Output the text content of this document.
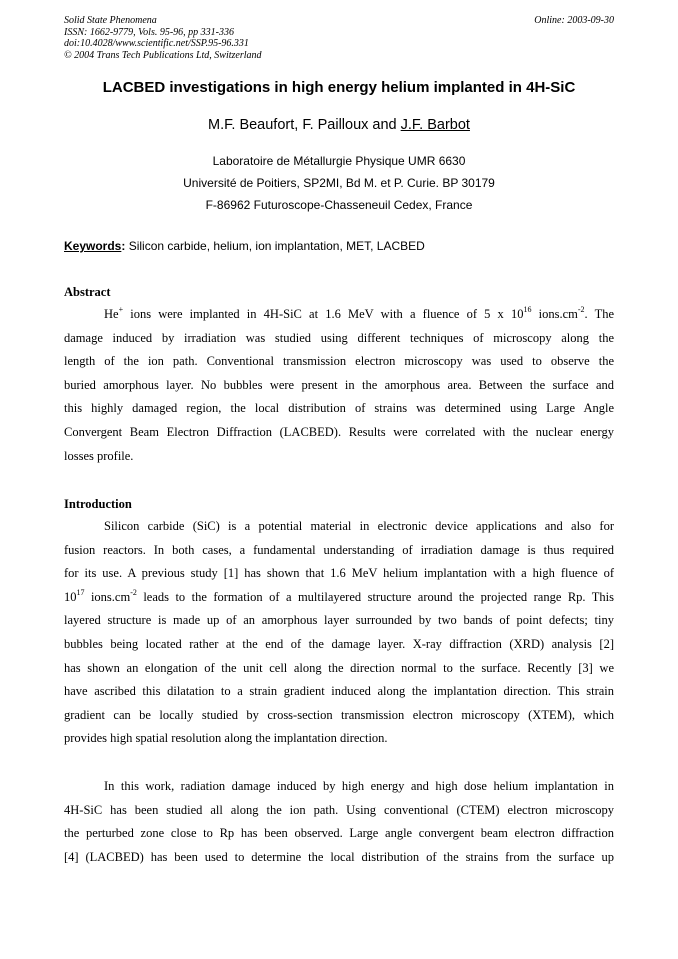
Solid State Phenomena
ISSN: 1662-9779, Vols. 95-96, pp 331-336
doi:10.4028/www.scientific.net/SSP.95-96.331
© 2004 Trans Tech Publications Ltd, Switzerland
Online: 2003-09-30
LACBED investigations in high energy helium implanted in 4H-SiC
M.F. Beaufort, F. Pailloux and J.F. Barbot
Laboratoire de Métallurgie Physique UMR 6630
Université de Poitiers, SP2MI, Bd M. et P. Curie. BP 30179
F-86962 Futuroscope-Chasseneuil Cedex, France
Keywords: Silicon carbide, helium, ion implantation, MET, LACBED
Abstract
He+ ions were implanted in 4H-SiC at 1.6 MeV with a fluence of 5 x $10^{16}$ $ions.cm^{-2}$. The
damage induced by irradiation was studied using different techniques of microscopy along the
length of the ion path. Conventional transmission electron microscopy was used to observe the
buried amorphous layer. No bubbles were present in the amorphous area. Between the surface and
this highly damaged region, the local distribution of strains was determined using Large Angle
Convergent Beam Electron Diffraction (LACBED). Results were correlated with the nuclear energy
losses profile.
Introduction
Silicon carbide (SiC) is a potential material in electronic device applications and also for
fusion reactors. In both cases, a fundamental understanding of irradiation damage is thus required
for its use. A previous study [1] has shown that 1.6 MeV helium implantation with a high fluence of
$10^{17}$ $ions.cm^{-2}$ leads to the formation of a multilayered structure around the projected range Rp. This
layered structure is made up of an amorphous layer surrounded by two bands of point defects; tiny
bubbles being located rather at the end of the damage layer. X-ray diffraction (XRD) analysis [2]
has shown an elongation of the unit cell along the direction normal to the surface. Recently [3] we
have ascribed this dilatation to a strain gradient induced along the implantation direction. This strain
gradient can be locally studied by cross-section transmission electron microscopy (XTEM), which
provides high spatial resolution along the implantation direction.
In this work, radiation damage induced by high energy and high dose helium implantation in
4H-SiC has been studied all along the ion path. Using conventional (CTEM) electron microscopy
the perturbed zone close to Rp has been observed. Large angle convergent beam electron diffraction
[4] (LACBED) has been used to determine the local distribution of the strains from the surface up
